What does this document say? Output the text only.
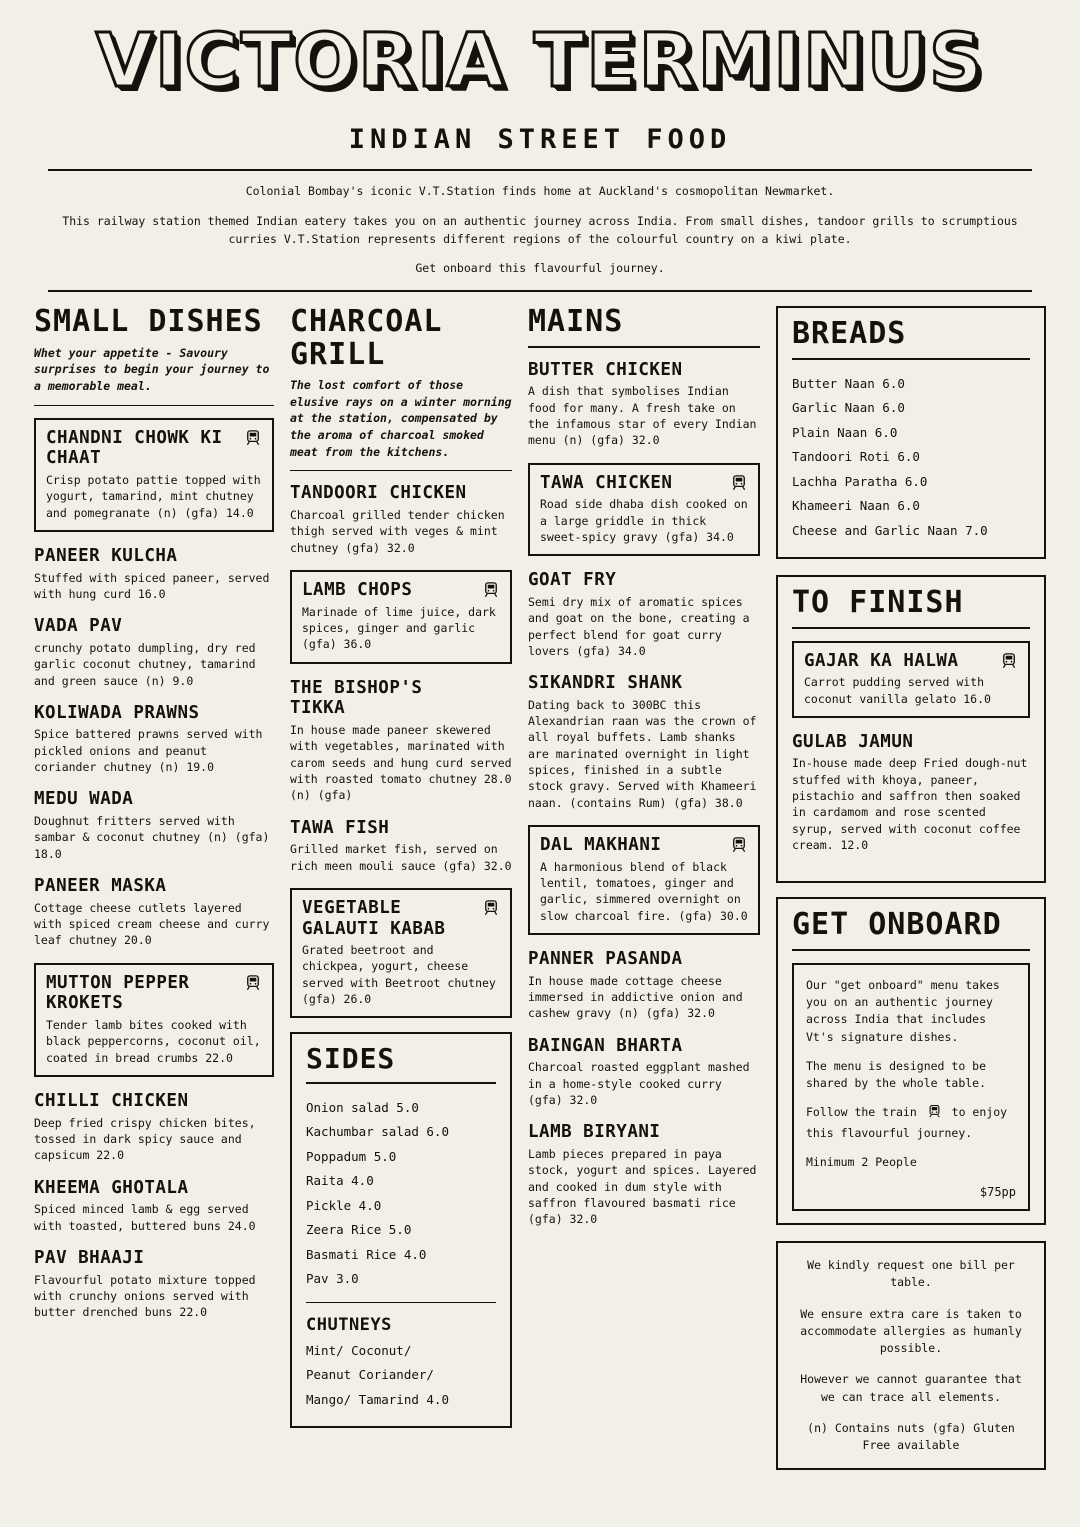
VICTORIA TERMINUS
INDIAN STREET FOOD

Colonial Bombay's iconic V.T.Station finds home at Auckland's cosmopolitan Newmarket.

This railway station themed Indian eatery takes you on an authentic journey across India. From small dishes, tandoor grills to scrumptious curries V.T.Station represents different regions of the colourful country on a kiwi plate.

Get onboard this flavourful journey.

SMALL DISHES
Whet your appetite - Savoury surprises to begin your journey to a memorable meal.
CHANDNI CHOWK KI CHAAT
Crisp potato pattie topped with yogurt, tamarind, mint chutney and pomegranate (n) (gfa) 14.0
PANEER KULCHA
Stuffed with spiced paneer, served with hung curd 16.0
VADA PAV
crunchy potato dumpling, dry red garlic coconut chutney, tamarind and green sauce (n) 9.0
KOLIWADA PRAWNS
Spice battered prawns served with pickled onions and peanut coriander chutney (n) 19.0
MEDU WADA
Doughnut fritters served with sambar & coconut chutney (n) (gfa) 18.0
PANEER MASKA
Cottage cheese cutlets layered with spiced cream cheese and curry leaf chutney 20.0
MUTTON PEPPER KROKETS
Tender lamb bites cooked with black peppercorns, coconut oil, coated in bread crumbs 22.0
CHILLI CHICKEN
Deep fried crispy chicken bites, tossed in dark spicy sauce and capsicum 22.0
KHEEMA GHOTALA
Spiced minced lamb & egg served with toasted, buttered buns 24.0
PAV BHAAJI
Flavourful potato mixture topped with crunchy onions served with butter drenched buns 22.0
CHARCOAL GRILL
The lost comfort of those elusive rays on a winter morning at the station, compensated by the aroma of charcoal smoked meat from the kitchens.
TANDOORI CHICKEN
Charcoal grilled tender chicken thigh served with veges & mint chutney (gfa) 32.0
LAMB CHOPS
Marinade of lime juice, dark spices, ginger and garlic (gfa) 36.0
THE BISHOP'S TIKKA
In house made paneer skewered with vegetables, marinated with carom seeds and hung curd served with roasted tomato chutney 28.0 (n) (gfa)
TAWA FISH
Grilled market fish, served on rich meen mouli sauce (gfa) 32.0
VEGETABLE GALAUTI KABAB
Grated beetroot and chickpea, yogurt, cheese served with Beetroot chutney (gfa) 26.0
SIDES
Onion salad 5.0
Kachumbar salad 6.0
Poppadum 5.0
Raita 4.0
Pickle 4.0
Zeera Rice 5.0
Basmati Rice 4.0
Pav 3.0
CHUTNEYS
Mint/ Coconut/
Peanut Coriander/
Mango/ Tamarind 4.0
MAINS
BUTTER CHICKEN
A dish that symbolises Indian food for many. A fresh take on the infamous star of every Indian menu (n) (gfa) 32.0
TAWA CHICKEN
Road side dhaba dish cooked on a large griddle in thick sweet-spicy gravy (gfa) 34.0
GOAT FRY
Semi dry mix of aromatic spices and goat on the bone, creating a perfect blend for goat curry lovers (gfa) 34.0
SIKANDRI SHANK
Dating back to 300BC this Alexandrian raan was the crown of all royal buffets. Lamb shanks are marinated overnight in light spices, finished in a subtle stock gravy. Served with Khameeri naan. (contains Rum) (gfa) 38.0
DAL MAKHANI
A harmonious blend of black lentil, tomatoes, ginger and garlic, simmered overnight on slow charcoal fire. (gfa) 30.0
PANNER PASANDA
In house made cottage cheese immersed in addictive onion and cashew gravy (n) (gfa) 32.0
BAINGAN BHARTA
Charcoal roasted eggplant mashed in a home-style cooked curry (gfa) 32.0
LAMB BIRYANI
Lamb pieces prepared in paya stock, yogurt and spices. Layered and cooked in dum style with saffron flavoured basmati rice (gfa) 32.0
BREADS
Butter Naan 6.0
Garlic Naan 6.0
Plain Naan 6.0
Tandoori Roti 6.0
Lachha Paratha 6.0
Khameeri Naan 6.0
Cheese and Garlic Naan 7.0
TO FINISH
GAJAR KA HALWA
Carrot pudding served with coconut vanilla gelato 16.0
GULAB JAMUN
In-house made deep Fried dough-nut stuffed with khoya, paneer, pistachio and saffron then soaked in cardamom and rose scented syrup, served with coconut coffee cream. 12.0
GET ONBOARD

Our "get onboard" menu takes you on an authentic journey across India that includes Vt's signature dishes.

The menu is designed to be shared by the whole table.

Follow the train	to enjoy this flavourful journey.

Minimum 2 People

$75pp

We kindly request one bill per table.

We ensure extra care is taken to accommodate allergies as humanly possible.

However we cannot guarantee that we can trace all elements.

(n) Contains nuts (gfa) Gluten Free available
